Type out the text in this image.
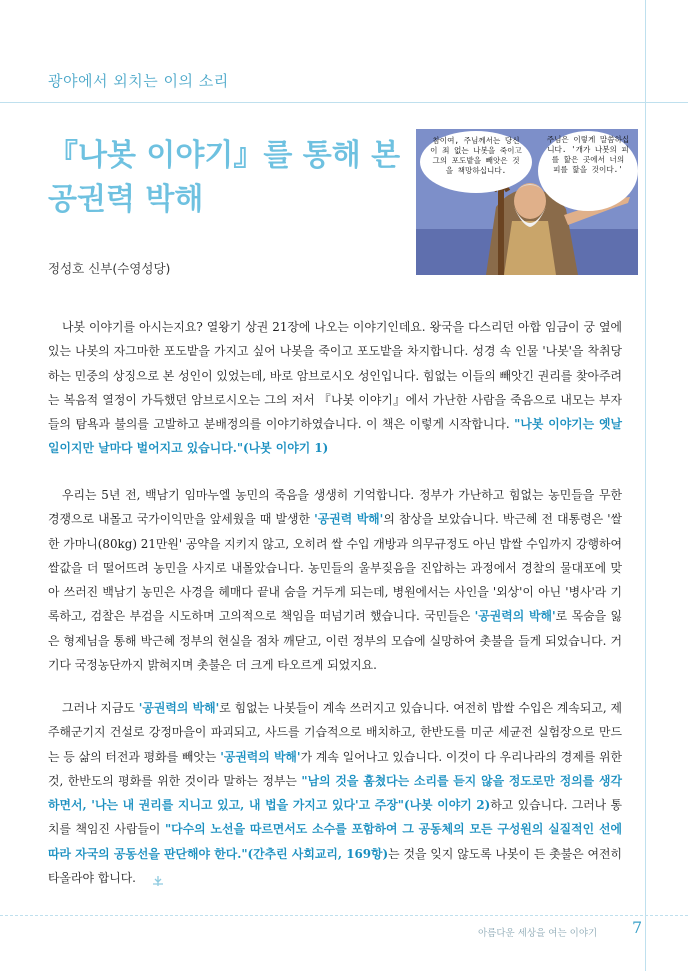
광야에서 외치는 이의 소리
『나봇 이야기』를 통해 본
공권력 박해
정성호 신부(수영성당)
참이여, 주님께서는 당신이 죄 없는 나봇을 죽이고 그의 포도밭을 빼앗은 것을 책망하십니다.
주님은 이렇게 말씀하십니다. '개가 나봇의 피를 핥은 곳에서 너의 피를 핥을 것이다.'

나봇 이야기를 아시는지요? 열왕기 상권 21장에 나오는 이야기인데요. 왕국을 다스리던 아합 임금이 궁 옆에 있는 나봇의 자그마한 포도밭을 가지고 싶어 나봇을 죽이고 포도밭을 차지합니다. 성경 속 인물 '나봇'을 착취당하는 민중의 상징으로 본 성인이 있었는데, 바로 암브로시오 성인입니다. 힘없는 이들의 빼앗긴 권리를 찾아주려는 복음적 열정이 가득했던 암브로시오는 그의 저서 『나봇 이야기』에서 가난한 사람을 죽음으로 내모는 부자들의 탐욕과 불의를 고발하고 분배정의를 이야기하였습니다. 이 책은 이렇게 시작합니다. "나봇 이야기는 옛날 일이지만 날마다 벌어지고 있습니다."(나봇 이야기 1)

우리는 5년 전, 백남기 임마누엘 농민의 죽음을 생생히 기억합니다. 정부가 가난하고 힘없는 농민들을 무한 경쟁으로 내몰고 국가이익만을 앞세웠을 때 발생한 '공권력 박해'의 참상을 보았습니다. 박근혜 전 대통령은 '쌀 한 가마니(80kg) 21만원' 공약을 지키지 않고, 오히려 쌀 수입 개방과 의무규정도 아닌 밥쌀 수입까지 강행하여 쌀값을 더 떨어뜨려 농민을 사지로 내몰았습니다. 농민들의 울부짖음을 진압하는 과정에서 경찰의 물대포에 맞아 쓰러진 백남기 농민은 사경을 헤매다 끝내 숨을 거두게 되는데, 병원에서는 사인을 '외상'이 아닌 '병사'라 기록하고, 검찰은 부검을 시도하며 고의적으로 책임을 떠넘기려 했습니다. 국민들은 '공권력의 박해'로 목숨을 잃은 형제님을 통해 박근혜 정부의 현실을 점차 깨닫고, 이런 정부의 모습에 실망하여 촛불을 들게 되었습니다. 거기다 국정농단까지 밝혀지며 촛불은 더 크게 타오르게 되었지요.

그러나 지금도 '공권력의 박해'로 힘없는 나봇들이 계속 쓰러지고 있습니다. 여전히 밥쌀 수입은 계속되고, 제주해군기지 건설로 강정마을이 파괴되고, 사드를 기습적으로 배치하고, 한반도를 미군 세균전 실험장으로 만드는 등 삶의 터전과 평화를 빼앗는 '공권력의 박해'가 계속 일어나고 있습니다. 이것이 다 우리나라의 경제를 위한 것, 한반도의 평화를 위한 것이라 말하는 정부는 "남의 것을 훔쳤다는 소리를 듣지 않을 정도로만 정의를 생각하면서, '나는 내 권리를 지니고 있고, 내 법을 가지고 있다'고 주장"(나봇 이야기 2)하고 있습니다. 그러나 통치를 책임진 사람들이 "다수의 노선을 따르면서도 소수를 포함하여 그 공동체의 모든 구성원의 실질적인 선에 따라 자국의 공동선을 판단해야 한다."(간추린 사회교리, 169항)는 것을 잊지 않도록 나봇이 든 촛불은 여전히 타올라야 합니다.

아름다운 세상을 여는 이야기 7
